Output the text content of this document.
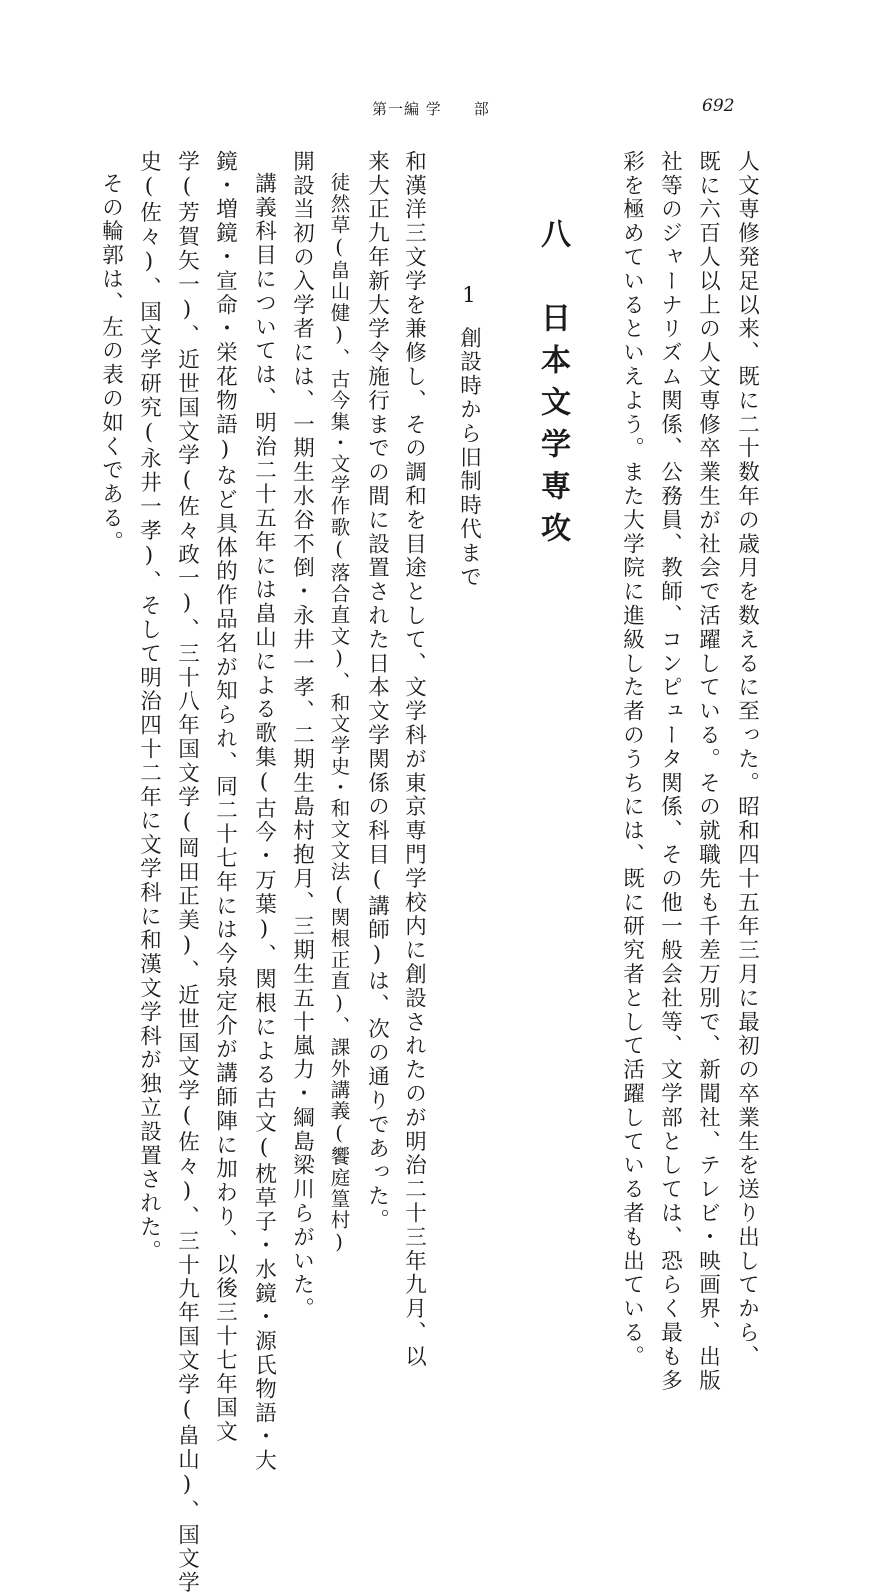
第一編 学　　部	692
人文専修発足以来、既に二十数年の歳月を数えるに至った。昭和四十五年三月に最初の卒業生を送り出してから、
既に六百人以上の人文専修卒業生が社会で活躍している。その就職先も千差万別で、新聞社、テレビ・映画界、出版
社等のジャーナリズム関係、公務員、教師、コンピュータ関係、その他一般会社等、文学部としては、恐らく最も多
彩を極めているといえよう。また大学院に進級した者のうちには、既に研究者として活躍している者も出ている。
八　日本文学専攻
1創設時から旧制時代まで
和漢洋三文学を兼修し、その調和を目途として、文学科が東京専門学校内に創設されたのが明治二十三年九月、以
来大正九年新大学令施行までの間に設置された日本文学関係の科目(講師)は、次の通りであった。
徒然草(畠山健)、古今集・文学作歌(落合直文)、和文学史・和文文法(関根正直)、課外講義(饗庭篁村)
開設当初の入学者には、一期生水谷不倒・永井一孝、二期生島村抱月、三期生五十嵐力・綱島梁川らがいた。
講義科目については、明治二十五年には畠山による歌集(古今・万葉)、関根による古文(枕草子・水鏡・源氏物語・大
鏡・増鏡・宣命・栄花物語)など具体的作品名が知られ、同二十七年には今泉定介が講師陣に加わり、以後三十七年国文
学(芳賀矢一)、近世国文学(佐々政一)、三十八年国文学(岡田正美)、近世国文学(佐々)、三十九年国文学(畠山)、国文学
史(佐々)、国文学研究(永井一孝)、そして明治四十二年に文学科に和漢文学科が独立設置された。
その輪郭は、左の表の如くである。
